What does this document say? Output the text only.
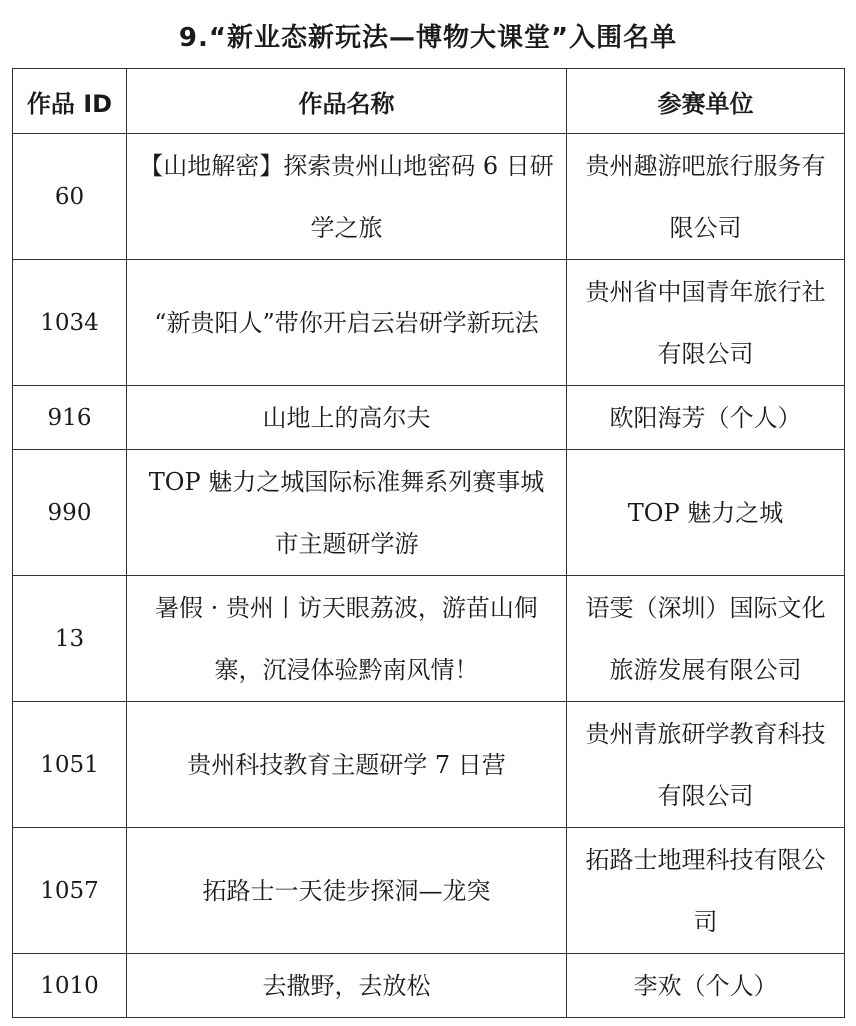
9.“新业态新玩法—博物大课堂”入围名单
作品 ID	作品名称	参赛单位
60	【山地解密】探索贵州山地密码 6 日研学之旅	贵州趣游吧旅行服务有限公司
1034	“新贵阳人”带你开启云岩研学新玩法	贵州省中国青年旅行社有限公司
916	山地上的高尔夫	欧阳海芳（个人）
990	TOP 魅力之城国际标准舞系列赛事城市主题研学游	TOP 魅力之城
13	暑假 · 贵州丨访天眼荔波，游苗山侗寨，沉浸体验黔南风情！	语雯（深圳）国际文化旅游发展有限公司
1051	贵州科技教育主题研学 7 日营	贵州青旅研学教育科技有限公司
1057	拓路士一天徒步探洞—龙突	拓路士地理科技有限公司
1010	去撒野，去放松	李欢（个人）
